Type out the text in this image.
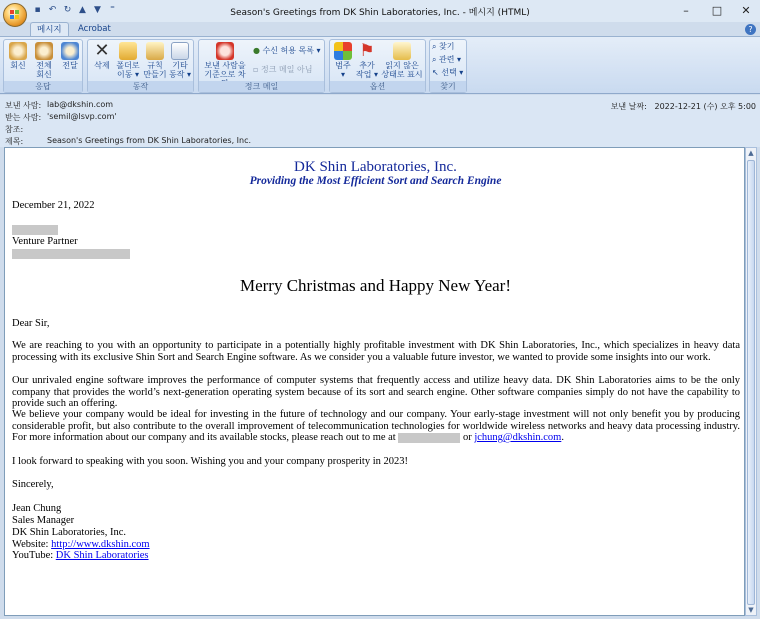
▪ ↶ ↻ ▲ ▼	⁼	Season's Greetings from DK Shin Laboratories, Inc. - 메시지 (HTML)	–	□	✕
메시지	Acrobat	?
회신	전체
회신
전달
응답
✕
삭제 폴더로
이동 ▾
규칙
만들기
기타
동작 ▾
동작
보낸 사람을
기준으로 차
● 수신 허용 목록 ▾
▫ 정크 메일 아님
정크 메일
범주
▾
⚑
추가
작업 ▾
읽지 않은
상태로 표시
옵션
⌕ 찾기
⌕ 관련 ▾
↖ 선택 ▾
찾기
보낸 사람: lab@dkshin.com
받는 사람: 'semil@lsvp.com'
참조:
제목:	Season's Greetings from DK Shin Laboratories, Inc.
보낸 날짜: 2022-12-21 (수) 오후 5:00
DK Shin Laboratories, Inc.
Providing the Most Efficient Sort and Search Engine
December 21, 2022
Venture Partner
Merry Christmas and Happy New Year!
Dear Sir,
We are reaching to you with an opportunity to participate in a potentially highly profitable investment with DK Shin Laboratories, Inc., which specializes in heavy data processing with its exclusive Shin Sort and Search Engine software. As we consider you a valuable future investor, we wanted to provide some insights into our work.
Our unrivaled engine software improves the performance of computer systems that frequently access and utilize heavy data. DK Shin Laboratories aims to be the only company that provides the world’s next-generation operating system because of its sort and search engine. Other software companies simply do not have the capability to provide such an offering.
We believe your company would be ideal for investing in the future of technology and our company. Your early-stage investment will not only benefit you by producing considerable profit, but also contribute to the overall improvement of telecommunication technologies for worldwide wireless networks and heavy data processing industry. For more information about our company and its available stocks, please reach out to me at	or jchung@dkshin.com.
I look forward to speaking with you soon. Wishing you and your company prosperity in 2023!
Sincerely,
Jean Chung
Sales Manager
DK Shin Laboratories, Inc.
Website: http://www.dkshin.com
YouTube: DK Shin Laboratories
▲
▼
